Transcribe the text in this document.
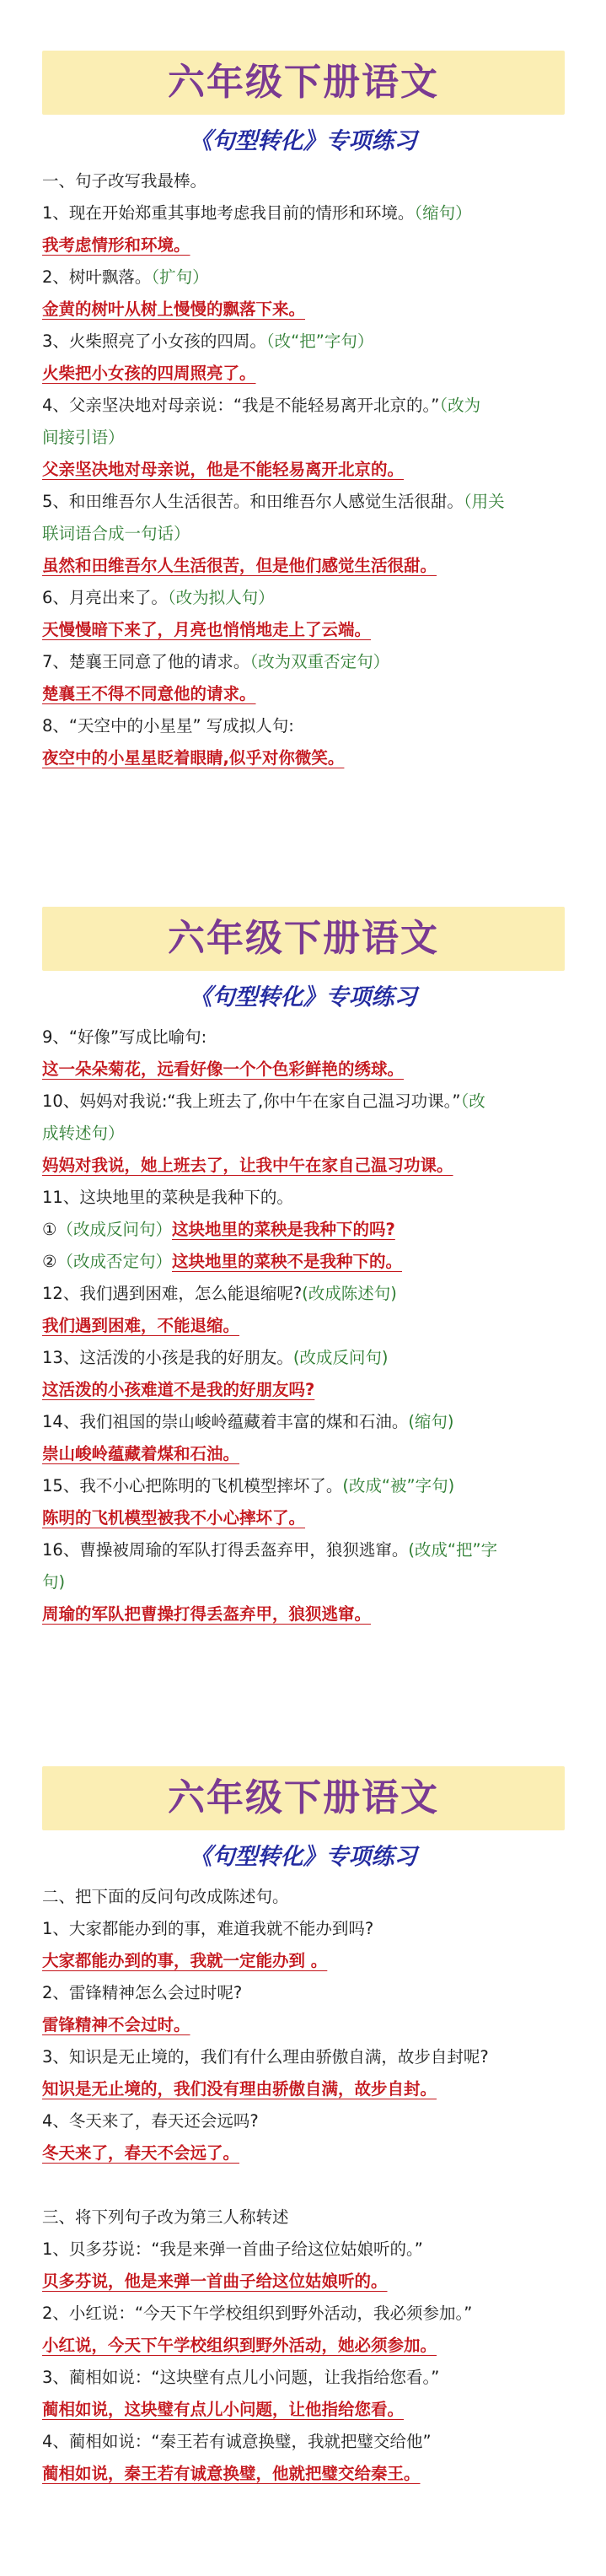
六年级下册语文
《句型转化》专项练习
一、句子改写我最棒。
1、现在开始郑重其事地考虑我目前的情形和环境。（缩句）
我考虑情形和环境。
2、树叶飘落。（扩句）
金黄的树叶从树上慢慢的飘落下来。
3、火柴照亮了小女孩的四周。（改“把”字句）
火柴把小女孩的四周照亮了。
4、父亲坚决地对母亲说：“我是不能轻易离开北京的。”（改为
间接引语）
父亲坚决地对母亲说，他是不能轻易离开北京的。
5、和田维吾尔人生活很苦。和田维吾尔人感觉生活很甜。（用关
联词语合成一句话）
虽然和田维吾尔人生活很苦，但是他们感觉生活很甜。
6、月亮出来了。（改为拟人句）
天慢慢暗下来了，月亮也悄悄地走上了云端。
7、楚襄王同意了他的请求。（改为双重否定句）
楚襄王不得不同意他的请求。
8、“天空中的小星星” 写成拟人句:
夜空中的小星星眨着眼睛,似乎对你微笑。
六年级下册语文
《句型转化》专项练习
9、“好像”写成比喻句:
这一朵朵菊花，远看好像一个个色彩鲜艳的绣球。
10、妈妈对我说:“我上班去了,你中午在家自己温习功课。”（改
成转述句）
妈妈对我说，她上班去了，让我中午在家自己温习功课。
11、这块地里的菜秧是我种下的。
①（改成反问句）这块地里的菜秧是我种下的吗?
②（改成否定句）这块地里的菜秧不是我种下的。
12、我们遇到困难，怎么能退缩呢?(改成陈述句)
我们遇到困难，不能退缩。
13、这活泼的小孩是我的好朋友。(改成反问句)
这活泼的小孩难道不是我的好朋友吗?
14、我们祖国的崇山峻岭蕴藏着丰富的煤和石油。(缩句)
崇山峻岭蕴藏着煤和石油。
15、我不小心把陈明的飞机模型摔坏了。(改成“被”字句)
陈明的飞机模型被我不小心摔坏了。
16、曹操被周瑜的军队打得丢盔弃甲，狼狈逃窜。(改成“把”字
句)
周瑜的军队把曹操打得丢盔弃甲，狼狈逃窜。
六年级下册语文
《句型转化》专项练习
二、把下面的反问句改成陈述句。
1、大家都能办到的事，难道我就不能办到吗?
大家都能办到的事，我就一定能办到 。
2、雷锋精神怎么会过时呢?
雷锋精神不会过时。
3、知识是无止境的，我们有什么理由骄傲自满，故步自封呢?
知识是无止境的，我们没有理由骄傲自满，故步自封。
4、冬天来了，春天还会远吗?
冬天来了，春天不会远了。
三、将下列句子改为第三人称转述
1、贝多芬说：“我是来弹一首曲子给这位姑娘听的。”
贝多芬说，他是来弹一首曲子给这位姑娘听的。
2、小红说：“今天下午学校组织到野外活动，我必须参加。”
小红说，今天下午学校组织到野外活动，她必须参加。
3、蔺相如说：“这块壁有点儿小问题，让我指给您看。”
蔺相如说，这块璧有点儿小问题，让他指给您看。
4、蔺相如说：“秦王若有诚意换璧，我就把璧交给他”
蔺相如说，秦王若有诚意换璧，他就把璧交给秦王。
